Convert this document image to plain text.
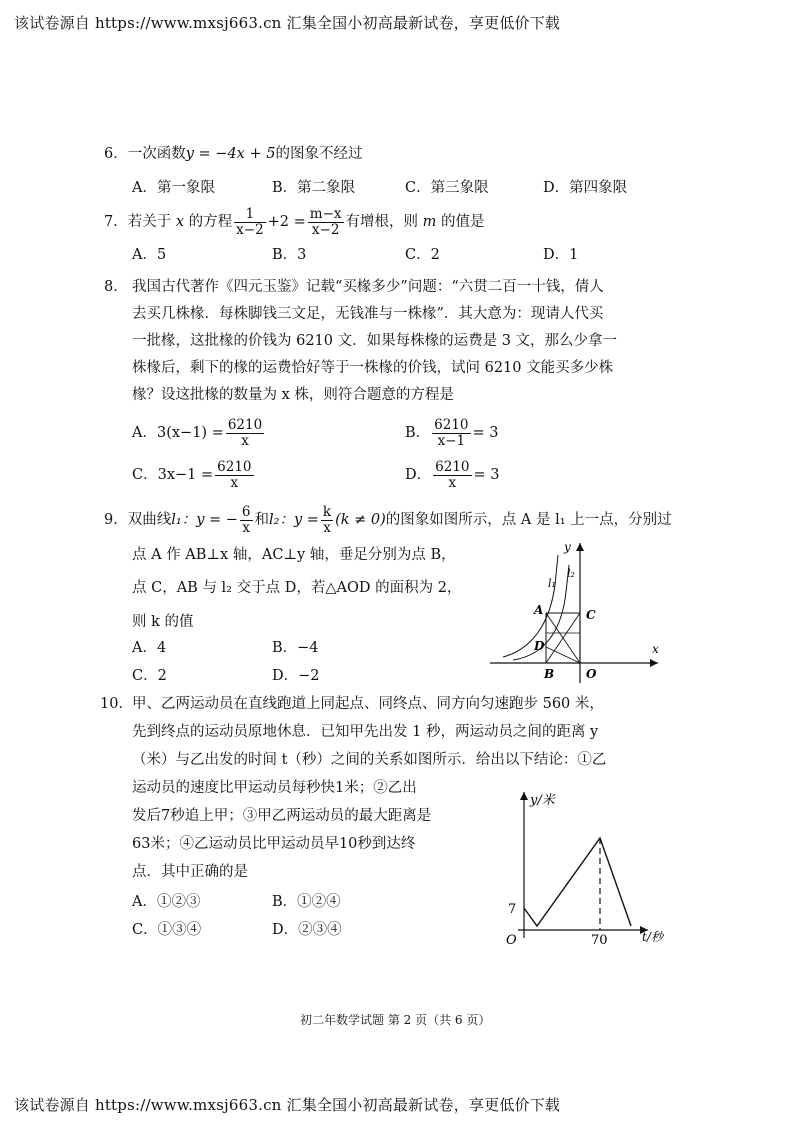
该试卷源自 https://www.mxsj663.cn 汇集全国小初高最新试卷，享更低价下载
6．一次函数y = −4x + 5的图象不经过
A．第一象限	B．第二象限	C．第三象限	D．第四象限
7．若关于 x 的方程 $\frac{1}{x-2} +2 = \frac{m-x}{x-2}$ 有增根，则 m 的值是
A．5	B．3	C．2	D．1
8． 我国古代著作《四元玉鉴》记载“买椽多少”问题：“六贯二百一十钱，倩人
去买几株椽．每株脚钱三文足，无钱准与一株椽”．其大意为：现请人代买
一批椽，这批椽的价钱为 6210 文．如果每株椽的运费是 3 文，那么少拿一
株椽后，剩下的椽的运费恰好等于一株椽的价钱，试问 6210 文能买多少株
椽？设这批椽的数量为 x 株，则符合题意的方程是
A．$3(x-1) = \frac{6210}{x}$	B． $\frac{6210}{x-1} = 3$
C．$3x-1 = \frac{6210}{x}$	D． $\frac{6210}{x} = 3$
9．双曲线l₁：y = − $\frac{6}{x}$ 和l₂：$y = \frac{k}{x} (k \ne 0)$的图象如图所示，点 A 是 l₁ 上一点，分别过
点 A 作 AB⊥x 轴，AC⊥y 轴，垂足分别为点 B，
点 C，AB 与 l₂ 交于点 D，若△AOD 的面积为 2，
则 k 的值
A．4	B．−4
C．2	D．−2
y
x
l₁
l₂
A	C
D
B	O
10． 甲、乙两运动员在直线跑道上同起点、同终点、同方向匀速跑步 560 米，
先到终点的运动员原地休息．已知甲先出发 1 秒，两运动员之间的距离 y
（米）与乙出发的时间 t（秒）之间的关系如图所示．给出以下结论：①乙
运动员的速度比甲运动员每秒快1米；②乙出
发后7秒追上甲；③甲乙两运动员的最大距离是
63米；④乙运动员比甲运动员早10秒到达终
点．其中正确的是
A．①②③	B．①②④
C．①③④	D．②③④
y/米
t/秒
O
7
70
初二年数学试题 第 2 页（共 6 页）
该试卷源自 https://www.mxsj663.cn 汇集全国小初高最新试卷，享更低价下载
